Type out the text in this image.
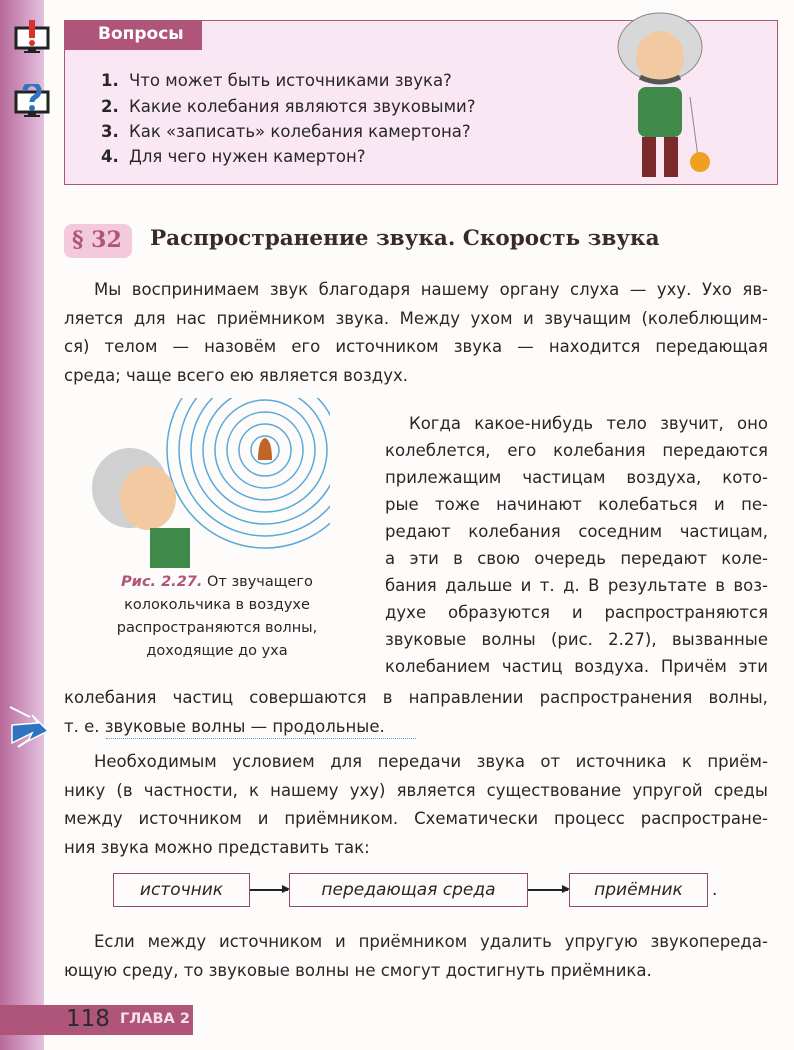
Вопросы
1. Что может быть источниками звука?
2. Какие колебания являются звуковыми?
3. Как «записать» колебания камертона?
4. Для чего нужен камертон?
§ 32	Распространение звука. Скорость звука
Мы воспринимаем звук благодаря нашему органу слуха — уху. Ухо яв-
ляется для нас приёмником звука. Между ухом и звучащим (колеблющим-
ся) телом — назовём его источником звука — находится передающая
среда; чаще всего ею является воздух.
Рис. 2.27. От звучащего
колокольчика в воздухе
распространяются волны,
доходящие до уха
Когда какое-нибудь тело звучит, оно
колеблется, его колебания передаются
прилежащим частицам воздуха, кото-
рые тоже начинают колебаться и пе-
редают колебания соседним частицам,
а эти в свою очередь передают коле-
бания дальше и т. д. В результате в воз-
духе образуются и распространяются
звуковые волны (рис. 2.27), вызванные
колебанием частиц воздуха. Причём эти
колебания частиц совершаются в направлении распространения волны,
т. е. звуковые волны — продольные.
Необходимым условием для передачи звука от источника к приём-
нику (в частности, к нашему уху) является существование упругой среды
между источником и приёмником. Схематически процесс распростране-
ния звука можно представить так:
источник	передающая среда	приёмник	.
Если между источником и приёмником удалить упругую звукопереда-
ющую среду, то звуковые волны не смогут достигнуть приёмника.
118 ГЛАВА 2
